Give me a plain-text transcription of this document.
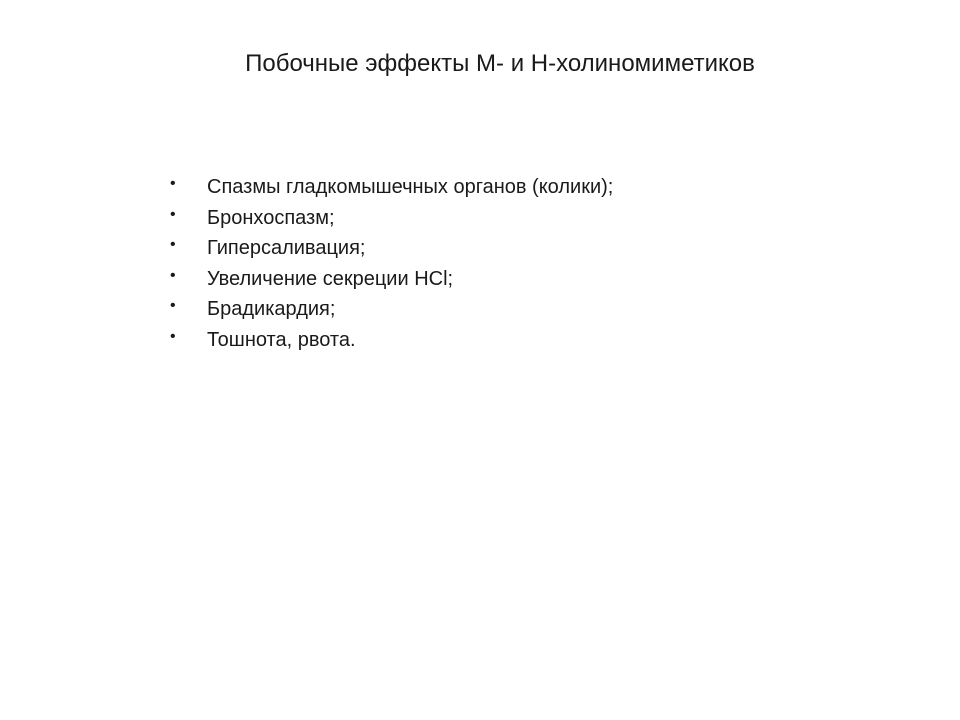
Побочные эффекты М- и Н-холиномиметиков
• Спазмы гладкомышечных органов (колики);
• Бронхоспазм;
• Гиперсаливация;
• Увеличение секреции HCl;
• Брадикардия;
• Тошнота, рвота.
